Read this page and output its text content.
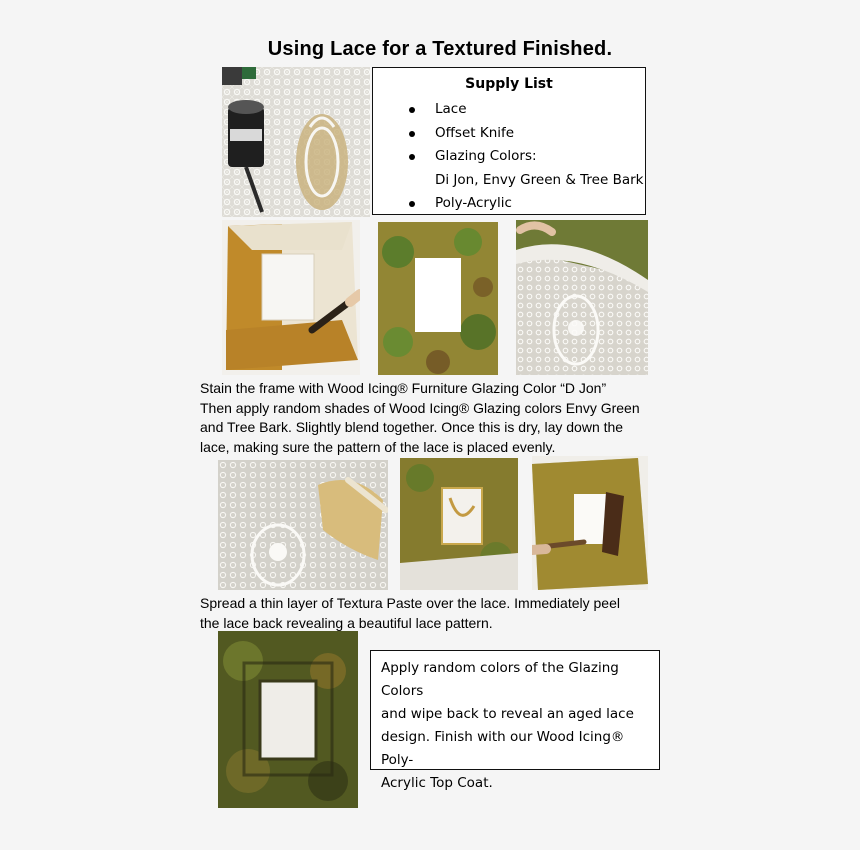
Using Lace for a Textured Finished.
Supply List
Lace
Offset Knife
Glazing Colors:
Di Jon, Envy Green & Tree Bark
Poly-Acrylic
Stain the frame with Wood Icing® Furniture Glazing Color “D Jon”
Then apply random shades of Wood Icing® Glazing colors Envy Green
and Tree Bark. Slightly blend together. Once this is dry, lay down the
lace, making sure the pattern of the lace is placed evenly.
Spread a thin layer of Textura Paste over the lace. Immediately peel
the lace back revealing a beautiful lace pattern.
Apply random colors of the Glazing Colors
and wipe back to reveal an aged lace
design. Finish with our Wood Icing® Poly-
Acrylic Top Coat.
